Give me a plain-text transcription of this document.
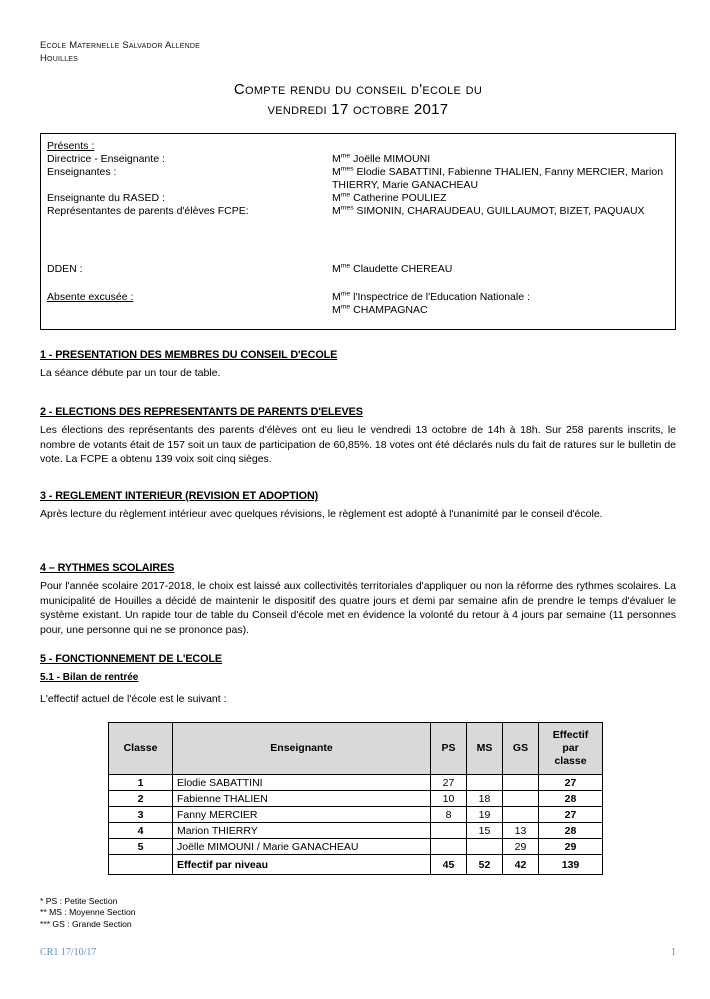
Ecole Maternelle Salvador Allende
Houilles
Compte rendu du conseil d'ecole du
vendredi 17 octobre 2017
Présents :
Directrice - Enseignante :	$M^{me}$ Joëlle MIMOUNI
Enseignantes :	$M^{mes}$ Elodie SABATTINI, Fabienne THALIEN, Fanny MERCIER, Marion THIERRY, Marie GANACHEAU
Enseignante du RASED :	$M^{me}$ Catherine POULIEZ
Représentantes de parents d'élèves FCPE:	$M^{mes}$ SIMONIN, CHARAUDEAU, GUILLAUMOT, BIZET, PAQUAUX
DDEN :	$M^{me}$ Claudette CHEREAU
Absente excusée :	$M^{me}$ l'Inspectrice de l'Education Nationale :
$M^{me}$ CHAMPAGNAC
1 - PRESENTATION DES MEMBRES DU CONSEIL D'ECOLE
La séance débute par un tour de table.
2 - ELECTIONS DES REPRESENTANTS DE PARENTS D'ELEVES
Les élections des représentants des parents d'élèves ont eu lieu le vendredi 13 octobre de 14h à 18h. Sur 258 parents inscrits, le nombre de votants était de 157 soit un taux de participation de 60,85%. 18 votes ont été déclarés nuls du fait de ratures sur le bulletin de vote. La FCPE a obtenu 139 voix soit cinq sièges.
3 - REGLEMENT INTERIEUR (REVISION ET ADOPTION)
Après lecture du règlement intérieur avec quelques révisions, le règlement est adopté à l'unanimité par le conseil d'école.
4 – RYTHMES SCOLAIRES
Pour l'année scolaire 2017-2018, le choix est laissé aux collectivités territoriales d'appliquer ou non la réforme des rythmes scolaires. La municipalité de Houilles a décidé de maintenir le dispositif des quatre jours et demi par semaine afin de prendre le temps d'évaluer le système existant. Un rapide tour de table du Conseil d'école met en évidence la volonté du retour à 4 jours par semaine (11 personnes pour, une personne qui ne se prononce pas).
5 - FONCTIONNEMENT DE L'ECOLE
5.1 - Bilan de rentrée
L'effectif actuel de l'école est le suivant :
Classe	Enseignante	PS	MS	GS	Effectif
par
classe

1	Elodie SABATTINI	27			27
2	Fabienne THALIEN	10	18		28
3	Fanny MERCIER	8	19		27
4	Marion THIERRY		15	13	28
5	Joëlle MIMOUNI / Marie GANACHEAU			29	29
	Effectif par niveau	45	52	42	139
* PS : Petite Section
** MS : Moyenne Section
*** GS : Grande Section
CR1 17/10/17	1
